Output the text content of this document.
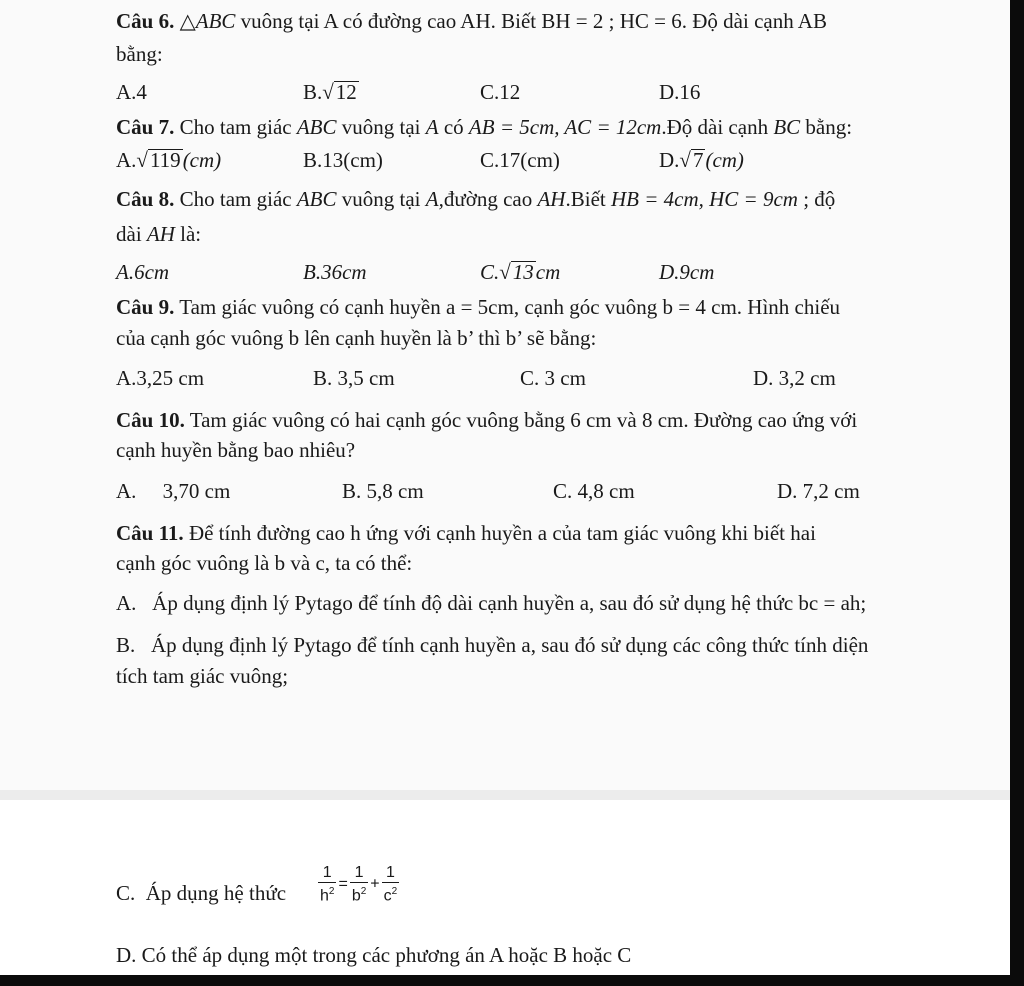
Câu 6. △ABC vuông tại A có đường cao AH. Biết BH = 2 ; HC = 6. Độ dài cạnh AB
bằng:
A.4	B.√12	C.12	D.16
Câu 7. Cho tam giác ABC vuông tại A có AB = 5cm, AC = 12cm.Độ dài cạnh BC bằng:
A.√119(cm)	B.13(cm)	C.17(cm)	D.√7(cm)
Câu 8. Cho tam giác ABC vuông tại A,đường cao AH.Biết HB = 4cm, HC = 9cm ; độ
dài AH là:
A.6cm	B.36cm	C.√13cm	D.9cm
Câu 9. Tam giác vuông có cạnh huyền a = 5cm, cạnh góc vuông b = 4 cm. Hình chiếu
của cạnh góc vuông b lên cạnh huyền là b’ thì b’ sẽ bằng:
A.3,25 cm	B. 3,5 cm	C. 3 cm	D. 3,2 cm
Câu 10. Tam giác vuông có hai cạnh góc vuông bằng 6 cm và 8 cm. Đường cao ứng với
cạnh huyền bằng bao nhiêu?
A.     3,70 cm	B. 5,8 cm	C. 4,8 cm	D. 7,2 cm
Câu 11. Để tính đường cao h ứng với cạnh huyền a của tam giác vuông khi biết hai
cạnh góc vuông là b và c, ta có thể:
A.   Áp dụng định lý Pytago để tính độ dài cạnh huyền a, sau đó sử dụng hệ thức bc = ah;
B.   Áp dụng định lý Pytago để tính cạnh huyền a, sau đó sử dụng các công thức tính diện
tích tam giác vuông;
C.  Áp dụng hệ thức $\frac{1}{h^2} = \frac{1}{b^2} + \frac{1}{c^2}$
D. Có thể áp dụng một trong các phương án A hoặc B hoặc C
